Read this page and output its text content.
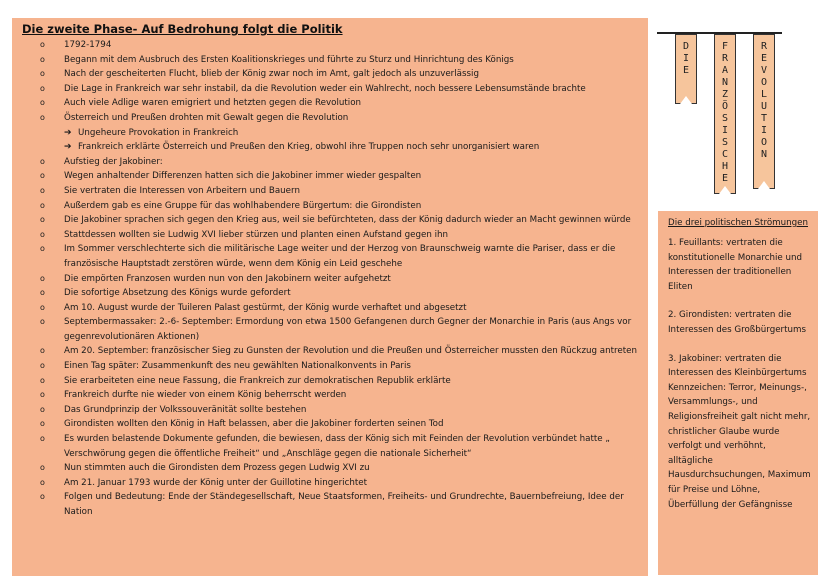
Die zweite Phase- Auf Bedrohung folgt die Politik
o 1792-1794
o Begann mit dem Ausbruch des Ersten Koalitionskrieges und führte zu Sturz und Hinrichtung des Königs
o Nach der gescheiterten Flucht, blieb der König zwar noch im Amt, galt jedoch als unzuverlässig
o Die Lage in Frankreich war sehr instabil, da die Revolution weder ein Wahlrecht, noch bessere Lebensumstände brachte
o Auch viele Adlige waren emigriert und hetzten gegen die Revolution
o Österreich und Preußen drohten mit Gewalt gegen die Revolution
➔ Ungeheure Provokation in Frankreich
➔ Frankreich erklärte Österreich und Preußen den Krieg, obwohl ihre Truppen noch sehr unorganisiert waren
o Aufstieg der Jakobiner:
o Wegen anhaltender Differenzen hatten sich die Jakobiner immer wieder gespalten
o Sie vertraten die Interessen von Arbeitern und Bauern
o Außerdem gab es eine Gruppe für das wohlhabendere Bürgertum: die Girondisten
o Die Jakobiner sprachen sich gegen den Krieg aus, weil sie befürchteten, dass der König dadurch wieder an Macht gewinnen würde
o Stattdessen wollten sie Ludwig XVI lieber stürzen und planten einen Aufstand gegen ihn
o Im Sommer verschlechterte sich die militärische Lage weiter und der Herzog von Braunschweig warnte die Pariser, dass er die französische Hauptstadt zerstören würde, wenn dem König ein Leid geschehe
o Die empörten Franzosen wurden nun von den Jakobinern weiter aufgehetzt
o Die sofortige Absetzung des Königs wurde gefordert
o Am 10. August wurde der Tuileren Palast gestürmt, der König wurde verhaftet und abgesetzt
o Septembermassaker: 2.-6- September: Ermordung von etwa 1500 Gefangenen durch Gegner der Monarchie in Paris (aus Angs vor gegenrevolutionären Aktionen)
o Am 20. September: französischer Sieg zu Gunsten der Revolution und die Preußen und Österreicher mussten den Rückzug antreten
o Einen Tag später: Zusammenkunft des neu gewählten Nationalkonvents in Paris
o Sie erarbeiteten eine neue Fassung, die Frankreich zur demokratischen Republik erklärte
o Frankreich durfte nie wieder von einem König beherrscht werden
o Das Grundprinzip der Volkssouveränität sollte bestehen
o Girondisten wollten den König in Haft belassen, aber die Jakobiner forderten seinen Tod
o Es wurden belastende Dokumente gefunden, die bewiesen, dass der König sich mit Feinden der Revolution verbündet hatte „ Verschwörung gegen die öffentliche Freiheit“ und „Anschläge gegen die nationale Sicherheit“
o Nun stimmten auch die Girondisten dem Prozess gegen Ludwig XVI zu
o Am 21. Januar 1793 wurde der König unter der Guillotine hingerichtet
o Folgen und Bedeutung: Ende der Ständegesellschaft, Neue Staatsformen, Freiheits- und Grundrechte, Bauernbefreiung, Idee der Nation
D
I
E
F
R
A
N
Z
Ö
S
I
S
C
H
E
R
E
V
O
L
U
T
I
O
N
Die drei politischen Strömungen
1. Feuillants: vertraten die konstitutionelle Monarchie und Interessen der traditionellen Eliten
2. Girondisten: vertraten die Interessen des Großbürgertums
3. Jakobiner: vertraten die Interessen des Kleinbürgertums Kennzeichen: Terror, Meinungs-, Versammlungs-, und Religionsfreiheit galt nicht mehr, christlicher Glaube wurde verfolgt und verhöhnt, alltägliche Hausdurchsuchungen, Maximum für Preise und Löhne, Überfüllung der Gefängnisse
